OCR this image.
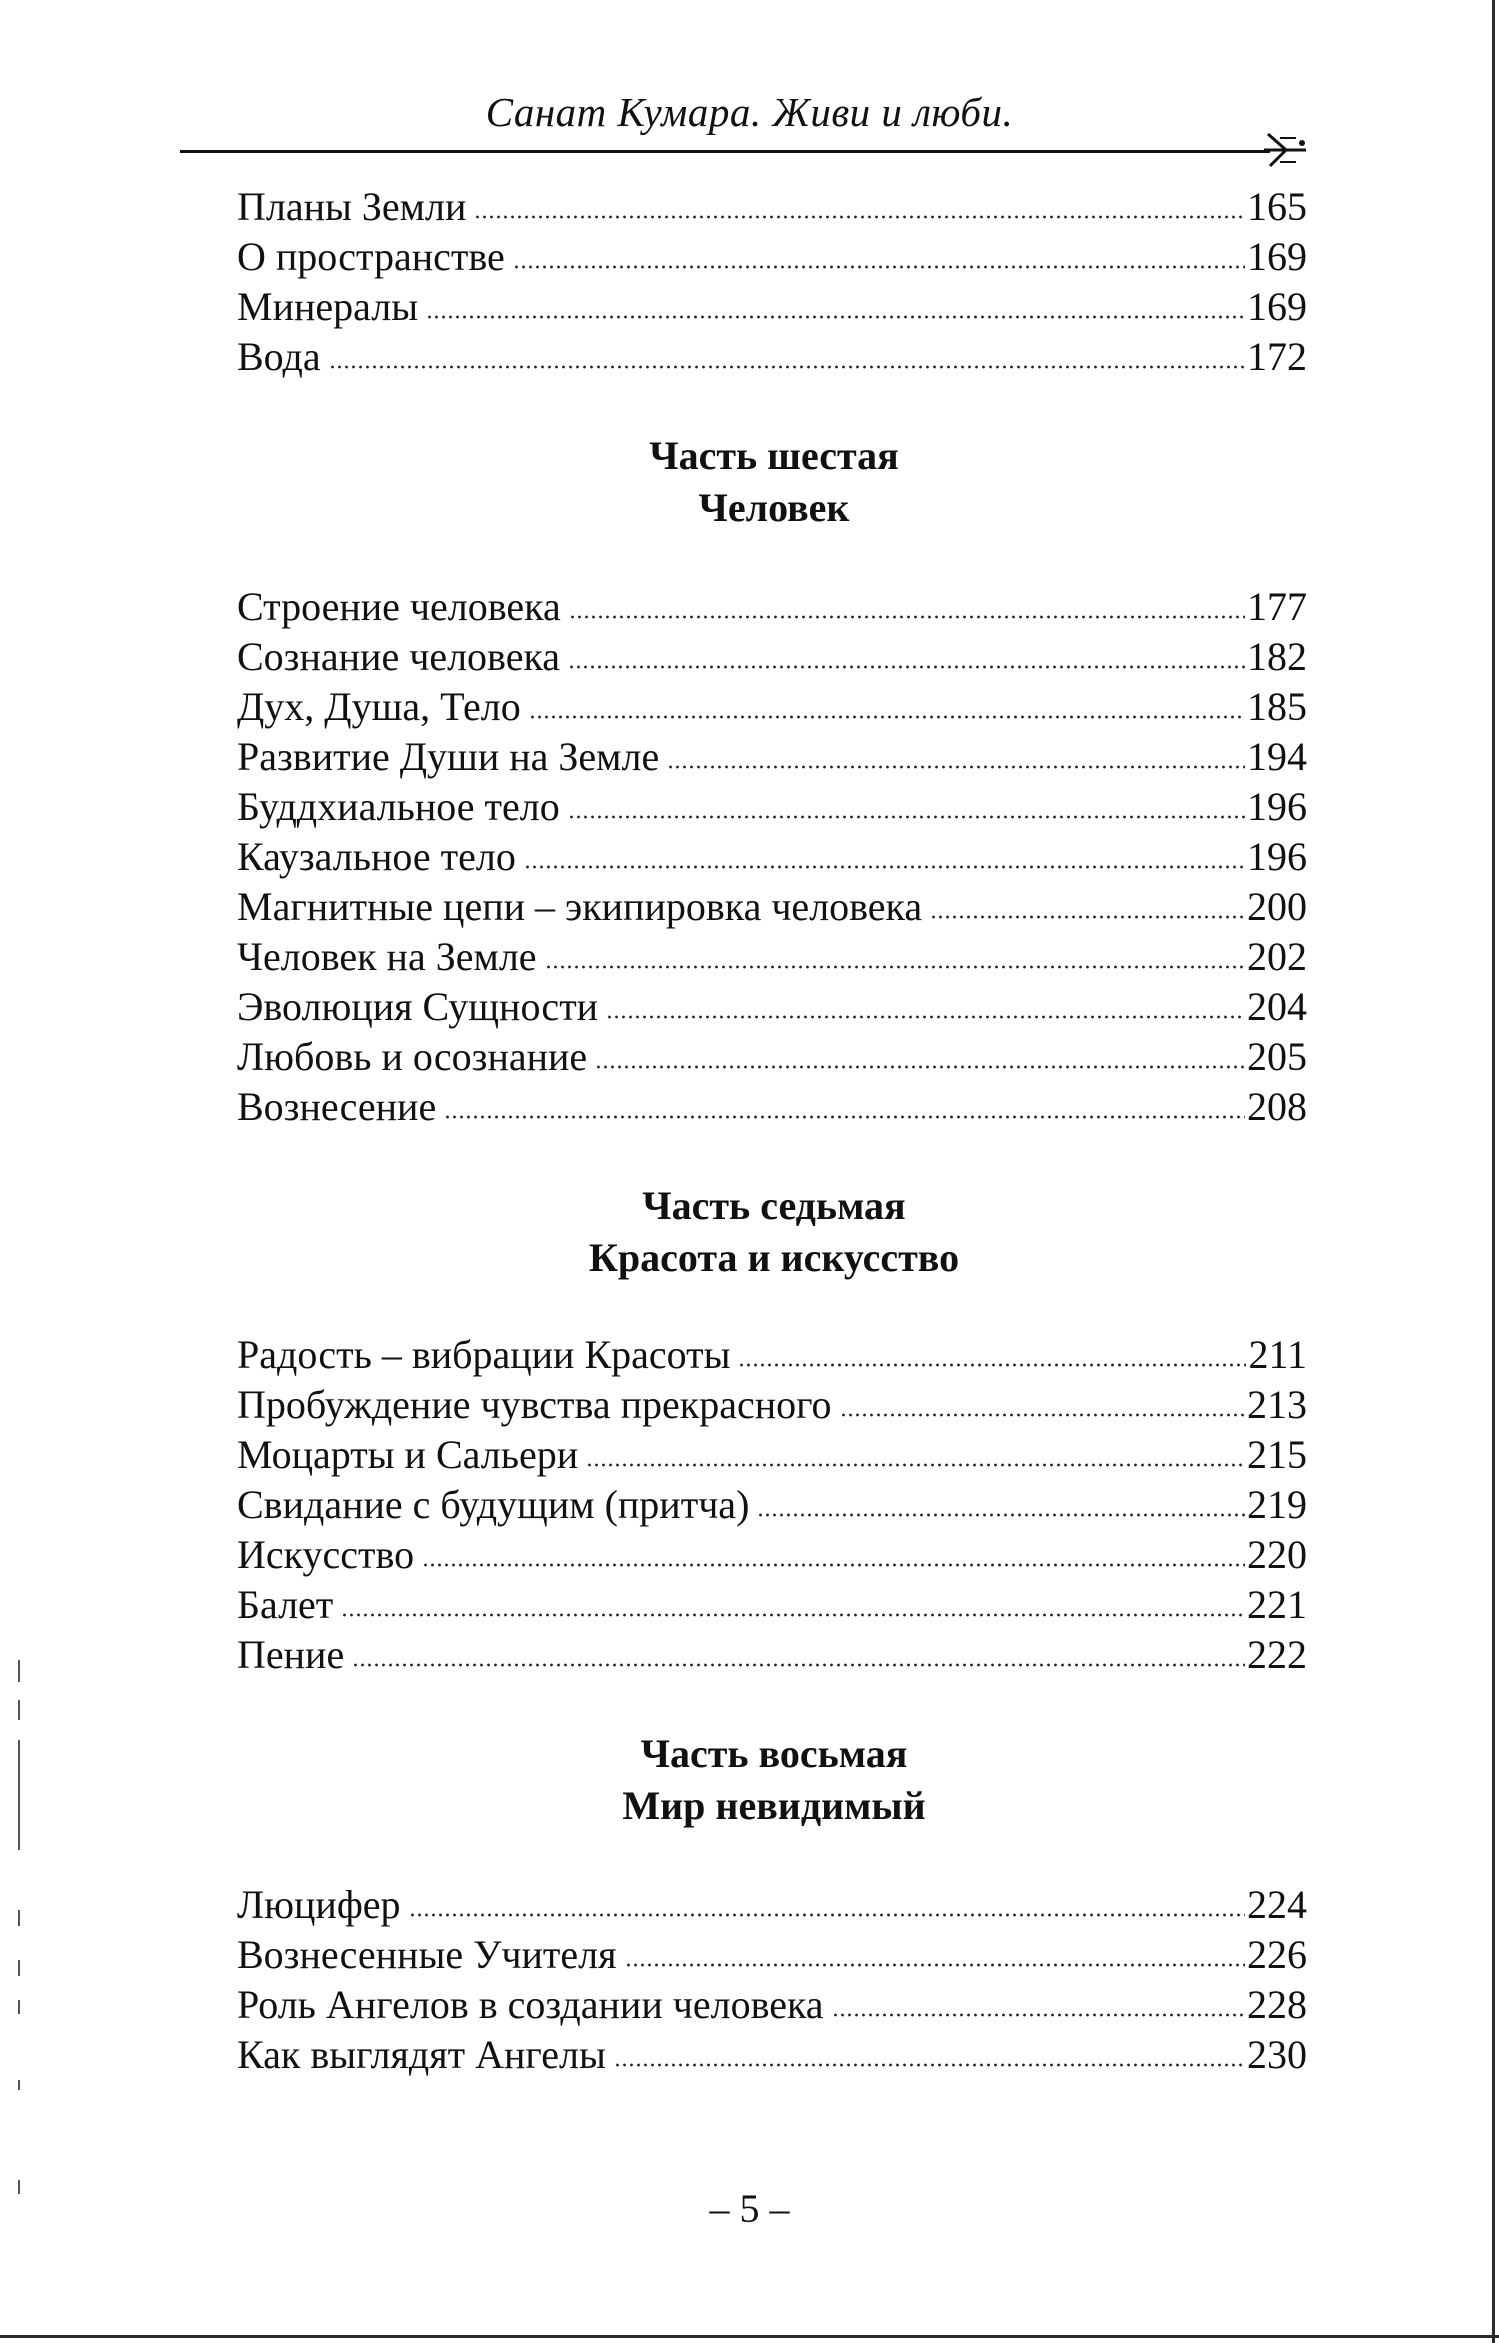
Санат Кумара. Живи и люби.
Планы Земли	165
О пространстве	169
Минералы	169
Вода	172
Часть шестая
Человек
Строение человека	177
Сознание человека	182
Дух, Душа, Тело	185
Развитие Души на Земле	194
Буддхиальное тело	196
Каузальное тело	196
Магнитные цепи – экипировка человека	200
Человек на Земле	202
Эволюция Сущности	204
Любовь и осознание	205
Вознесение	208
Часть седьмая
Красота и искусство
Радость – вибрации Красоты	211
Пробуждение чувства прекрасного	213
Моцарты и Сальери	215
Свидание с будущим (притча)	219
Искусство	220
Балет	221
Пение	222
Часть восьмая
Мир невидимый
Люцифер	224
Вознесенные Учителя	226
Роль Ангелов в создании человека	228
Как выглядят Ангелы	230
– 5 –
